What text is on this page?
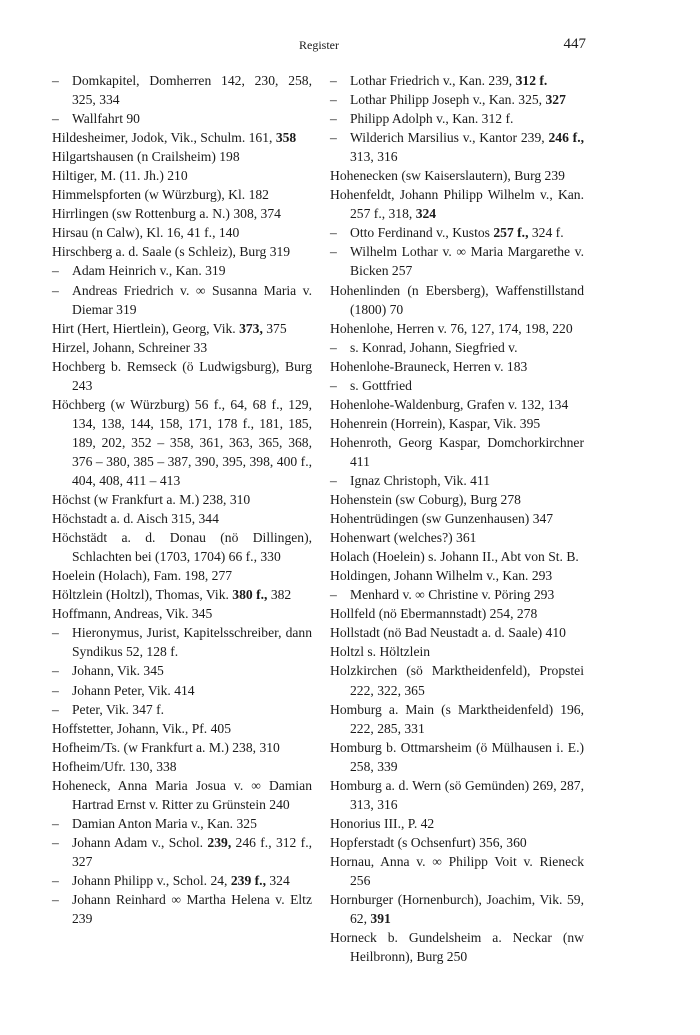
Register	447

– Domkapitel, Domherren 142, 230, 258, 325, 334

– Wallfahrt 90

Hildesheimer, Jodok, Vik., Schulm. 161, 358

Hilgartshausen (n Crailsheim) 198

Hiltiger, M. (11. Jh.) 210

Himmelspforten (w Würzburg), Kl. 182

Hirrlingen (sw Rottenburg a. N.) 308, 374

Hirsau (n Calw), Kl. 16, 41 f., 140

Hirschberg a. d. Saale (s Schleiz), Burg 319

– Adam Heinrich v., Kan. 319

– Andreas Friedrich v. ∞ Susanna Maria v. Diemar 319

Hirt (Hert, Hiertlein), Georg, Vik. 373, 375

Hirzel, Johann, Schreiner 33

Hochberg b. Remseck (ö Ludwigsburg), Burg 243

Höchberg (w Würzburg) 56 f., 64, 68 f., 129, 134, 138, 144, 158, 171, 178 f., 181, 185, 189, 202, 352 – 358, 361, 363, 365, 368, 376 – 380, 385 – 387, 390, 395, 398, 400 f., 404, 408, 411 – 413

Höchst (w Frankfurt a. M.) 238, 310

Höchstadt a. d. Aisch 315, 344

Höchstädt a. d. Donau (nö Dillingen), Schlachten bei (1703, 1704) 66 f., 330

Hoelein (Holach), Fam. 198, 277

Höltzlein (Holtzl), Thomas, Vik. 380 f., 382

Hoffmann, Andreas, Vik. 345

– Hieronymus, Jurist, Kapitelsschreiber, dann Syndikus 52, 128 f.

– Johann, Vik. 345

– Johann Peter, Vik. 414

– Peter, Vik. 347 f.

Hoffstetter, Johann, Vik., Pf. 405

Hofheim/Ts. (w Frankfurt a. M.) 238, 310

Hofheim/Ufr. 130, 338

Hoheneck, Anna Maria Josua v. ∞ Damian Hartrad Ernst v. Ritter zu Grünstein 240

– Damian Anton Maria v., Kan. 325

– Johann Adam v., Schol. 239, 246 f., 312 f., 327

– Johann Philipp v., Schol. 24, 239 f., 324

– Johann Reinhard ∞ Martha Helena v. Eltz 239

– Lothar Friedrich v., Kan. 239, 312 f.

– Lothar Philipp Joseph v., Kan. 325, 327

– Philipp Adolph v., Kan. 312 f.

– Wilderich Marsilius v., Kantor 239, 246 f., 313, 316

Hohenecken (sw Kaiserslautern), Burg 239

Hohenfeldt, Johann Philipp Wilhelm v., Kan. 257 f., 318, 324

– Otto Ferdinand v., Kustos 257 f., 324 f.

– Wilhelm Lothar v. ∞ Maria Margarethe v. Bicken 257

Hohenlinden (n Ebersberg), Waffenstillstand (1800) 70

Hohenlohe, Herren v. 76, 127, 174, 198, 220

– s. Konrad, Johann, Siegfried v.

Hohenlohe-Brauneck, Herren v. 183

– s. Gottfried

Hohenlohe-Waldenburg, Grafen v. 132, 134

Hohenrein (Horrein), Kaspar, Vik. 395

Hohenroth, Georg Kaspar, Domchorkirchner 411

– Ignaz Christoph, Vik. 411

Hohenstein (sw Coburg), Burg 278

Hohentrüdingen (sw Gunzenhausen) 347

Hohenwart (welches?) 361

Holach (Hoelein) s. Johann II., Abt von St. B.

Holdingen, Johann Wilhelm v., Kan. 293

– Menhard v. ∞ Christine v. Pöring 293

Hollfeld (nö Ebermannstadt) 254, 278

Hollstadt (nö Bad Neustadt a. d. Saale) 410

Holtzl s. Höltzlein

Holzkirchen (sö Marktheidenfeld), Propstei 222, 322, 365

Homburg a. Main (s Marktheidenfeld) 196, 222, 285, 331

Homburg b. Ottmarsheim (ö Mülhausen i. E.) 258, 339

Homburg a. d. Wern (sö Gemünden) 269, 287, 313, 316

Honorius III., P. 42

Hopferstadt (s Ochsenfurt) 356, 360

Hornau, Anna v. ∞ Philipp Voit v. Rieneck 256

Hornburger (Hornenburch), Joachim, Vik. 59, 62, 391

Horneck b. Gundelsheim a. Neckar (nw Heilbronn), Burg 250
